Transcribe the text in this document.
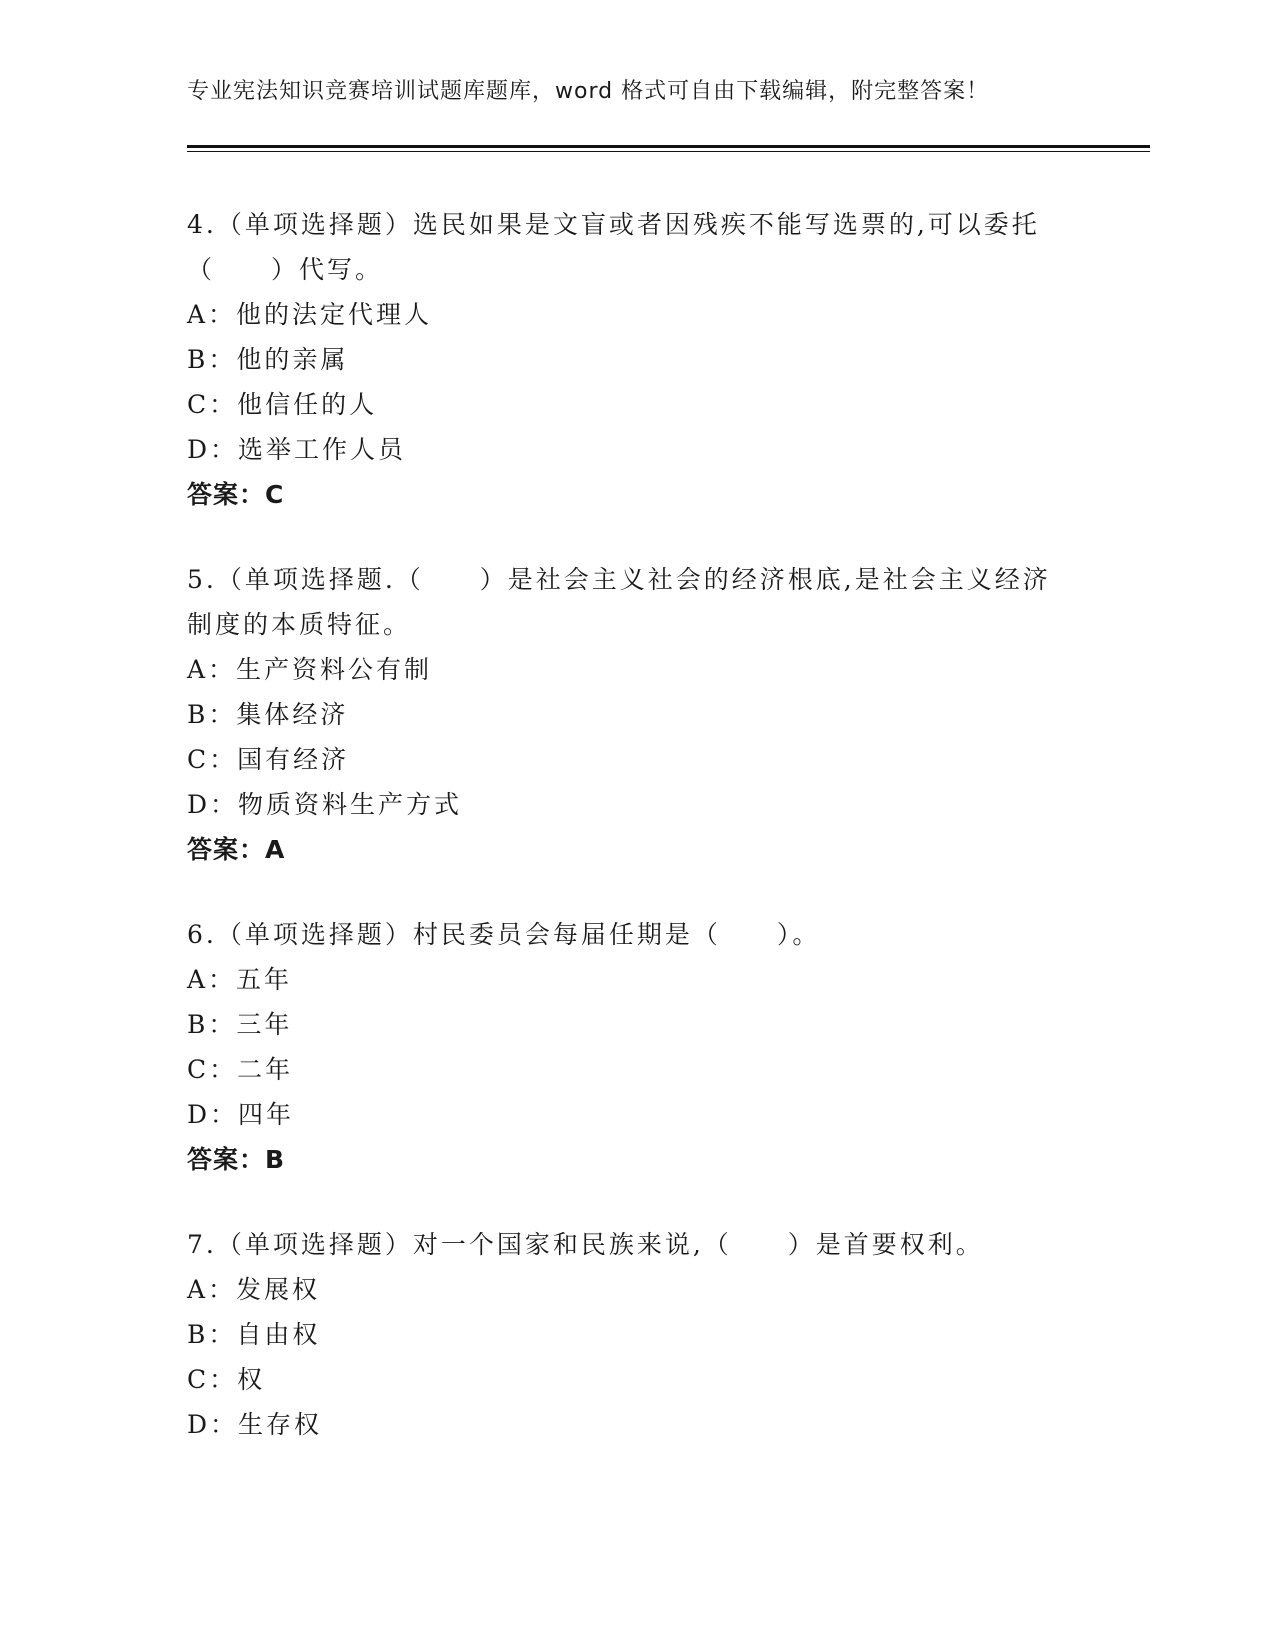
专业宪法知识竞赛培训试题库题库，word 格式可自由下载编辑，附完整答案！
4.（单项选择题）选民如果是文盲或者因残疾不能写选票的,可以委托
（　　）代写。
A：他的法定代理人
B：他的亲属
C：他信任的人
D：选举工作人员
答案：C
5.（单项选择题.（　　）是社会主义社会的经济根底,是社会主义经济
制度的本质特征。
A：生产资料公有制
B：集体经济
C：国有经济
D：物质资料生产方式
答案：A
6.（单项选择题）村民委员会每届任期是（　　）。
A：五年
B：三年
C：二年
D：四年
答案：B
7.（单项选择题）对一个国家和民族来说,（　　）是首要权利。
A：发展权
B：自由权
C：权
D：生存权
